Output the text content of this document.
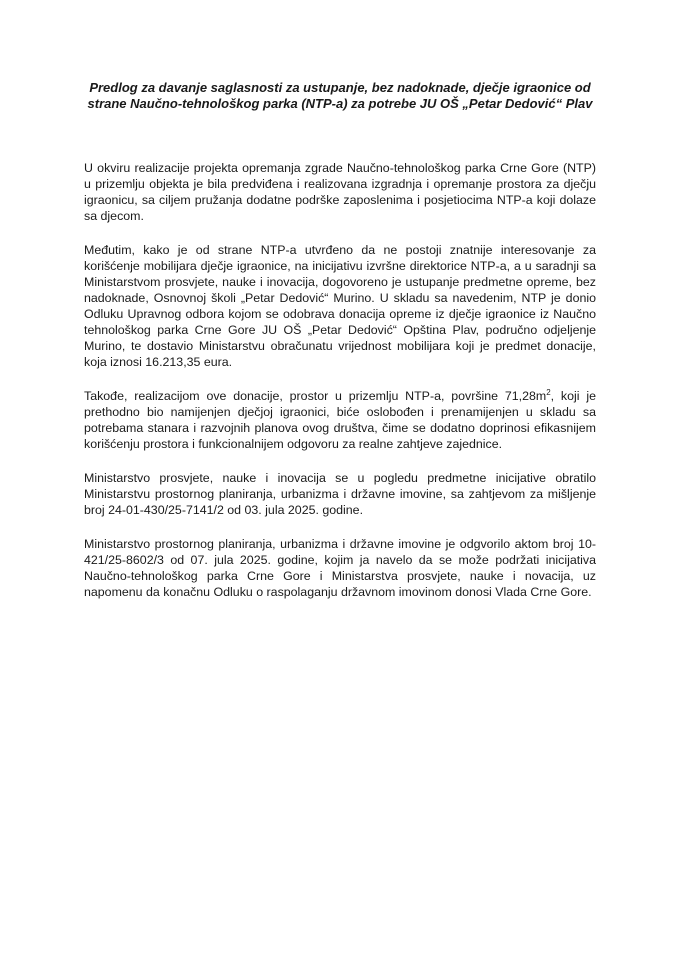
Predlog za davanje saglasnosti za ustupanje, bez nadoknade, dječje igraonice od strane Naučno-tehnološkog parka (NTP-a) za potrebe JU OŠ „Petar Dedović“ Plav

U okviru realizacije projekta opremanja zgrade Naučno-tehnološkog parka Crne Gore (NTP) u prizemlju objekta je bila predviđena i realizovana izgradnja i opremanje prostora za dječju igraonicu, sa ciljem pružanja dodatne podrške zaposlenima i posjetiocima NTP-a koji dolaze sa djecom.

Međutim, kako je od strane NTP-a utvrđeno da ne postoji znatnije interesovanje za korišćenje mobilijara dječje igraonice, na inicijativu izvršne direktorice NTP-a, a u saradnji sa Ministarstvom prosvjete, nauke i inovacija, dogovoreno je ustupanje predmetne opreme, bez nadoknade, Osnovnoj školi „Petar Dedović“ Murino. U skladu sa navedenim, NTP je donio Odluku Upravnog odbora kojom se odobrava donacija opreme iz dječje igraonice iz Naučno tehnološkog parka Crne Gore JU OŠ „Petar Dedović“ Opština Plav, područno odjeljenje Murino, te dostavio Ministarstvu obračunatu vrijednost mobilijara koji je predmet donacije, koja iznosi 16.213,35 eura.

Takođe, realizacijom ove donacije, prostor u prizemlju NTP-a, površine $71,28m^2$, koji je prethodno bio namijenjen dječjoj igraonici, biće oslobođen i prenamijenjen u skladu sa potrebama stanara i razvojnih planova ovog društva, čime se dodatno doprinosi efikasnijem korišćenju prostora i funkcionalnijem odgovoru za realne zahtjeve zajednice.

Ministarstvo prosvjete, nauke i inovacija se u pogledu predmetne inicijative obratilo Ministarstvu prostornog planiranja, urbanizma i državne imovine, sa zahtjevom za mišljenje broj 24-01-430/25-7141/2 od 03. jula 2025. godine.

Ministarstvo prostornog planiranja, urbanizma i državne imovine je odgvorilo aktom broj 10-421/25-8602/3 od 07. jula 2025. godine, kojim ja navelo da se može podržati inicijativa Naučno-tehnološkog parka Crne Gore i Ministarstva prosvjete, nauke i novacija, uz napomenu da konačnu Odluku o raspolaganju državnom imovinom donosi Vlada Crne Gore.
